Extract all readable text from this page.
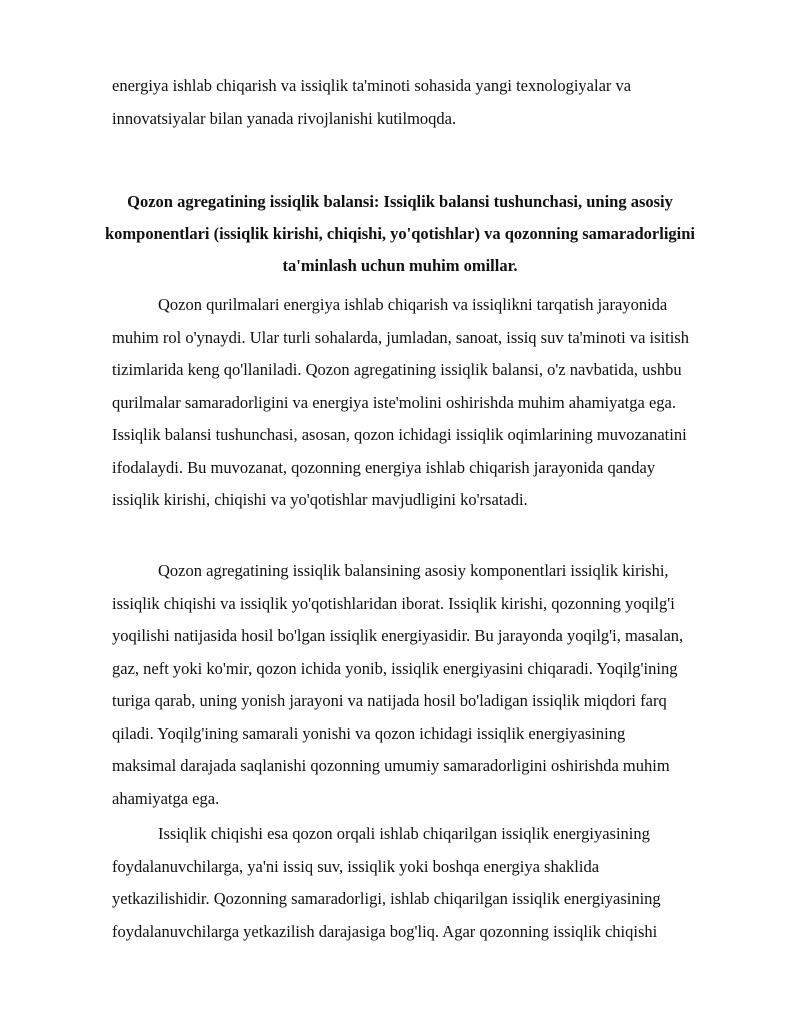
energiya ishlab chiqarish va issiqlik ta'minoti sohasida yangi texnologiyalar va innovatsiyalar bilan yanada rivojlanishi kutilmoqda.

Qozon agregatining issiqlik balansi: Issiqlik balansi tushunchasi, uning asosiy komponentlari (issiqlik kirishi, chiqishi, yo'qotishlar) va qozonning samaradorligini ta'minlash uchun muhim omillar.

Qozon qurilmalari energiya ishlab chiqarish va issiqlikni tarqatish jarayonida muhim rol o'ynaydi. Ular turli sohalarda, jumladan, sanoat, issiq suv ta'minoti va isitish tizimlarida keng qo'llaniladi. Qozon agregatining issiqlik balansi, o'z navbatida, ushbu qurilmalar samaradorligini va energiya iste'molini oshirishda muhim ahamiyatga ega. Issiqlik balansi tushunchasi, asosan, qozon ichidagi issiqlik oqimlarining muvozanatini ifodalaydi. Bu muvozanat, qozonning energiya ishlab chiqarish jarayonida qanday issiqlik kirishi, chiqishi va yo'qotishlar mavjudligini ko'rsatadi.

Qozon agregatining issiqlik balansining asosiy komponentlari issiqlik kirishi, issiqlik chiqishi va issiqlik yo'qotishlaridan iborat. Issiqlik kirishi, qozonning yoqilg'i yoqilishi natijasida hosil bo'lgan issiqlik energiyasidir. Bu jarayonda yoqilg'i, masalan, gaz, neft yoki ko'mir, qozon ichida yonib, issiqlik energiyasini chiqaradi. Yoqilg'ining turiga qarab, uning yonish jarayoni va natijada hosil bo'ladigan issiqlik miqdori farq qiladi. Yoqilg'ining samarali yonishi va qozon ichidagi issiqlik energiyasining maksimal darajada saqlanishi qozonning umumiy samaradorligini oshirishda muhim ahamiyatga ega.

Issiqlik chiqishi esa qozon orqali ishlab chiqarilgan issiqlik energiyasining foydalanuvchilarga, ya'ni issiq suv, issiqlik yoki boshqa energiya shaklida yetkazilishidir. Qozonning samaradorligi, ishlab chiqarilgan issiqlik energiyasining foydalanuvchilarga yetkazilish darajasiga bog'liq. Agar qozonning issiqlik chiqishi
